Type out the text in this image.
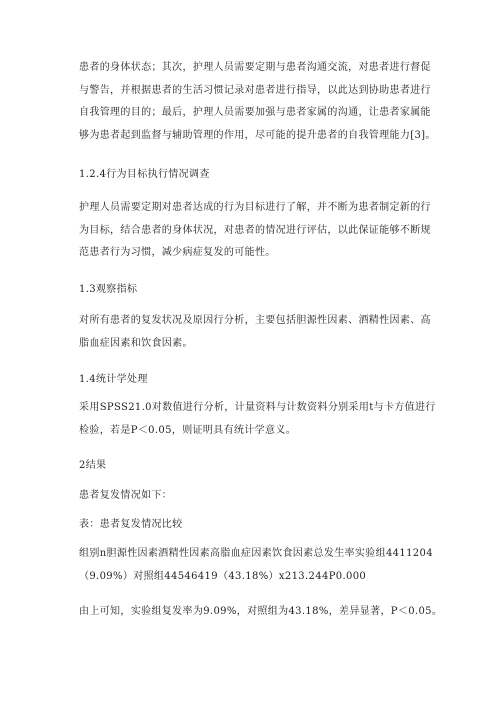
患者的身体状态；其次，护理人员需要定期与患者沟通交流，对患者进行督促
与警告，并根据患者的生活习惯记录对患者进行指导，以此达到协助患者进行
自我管理的目的；最后，护理人员需要加强与患者家属的沟通，让患者家属能
够为患者起到监督与辅助管理的作用，尽可能的提升患者的自我管理能力[3]。
1.2.4行为目标执行情况调查
护理人员需要定期对患者达成的行为目标进行了解，并不断为患者制定新的行
为目标，结合患者的身体状况，对患者的情况进行评估，以此保证能够不断规
范患者行为习惯，减少病症复发的可能性。
1.3观察指标
对所有患者的复发状况及原因行分析，主要包括胆源性因素、酒精性因素、高
脂血症因素和饮食因素。
1.4统计学处理
采用SPSS21.0对数值进行分析，计量资料与计数资料分别采用t与卡方值进行
检验，若是P＜0.05，则证明具有统计学意义。
2结果
患者复发情况如下：
表：患者复发情况比较
组别n胆源性因素酒精性因素高脂血症因素饮食因素总发生率实验组4411204
（9.09%）对照组44546419（43.18%）x213.244P0.000
由上可知，实验组复发率为9.09%，对照组为43.18%，差异显著，P＜0.05。
